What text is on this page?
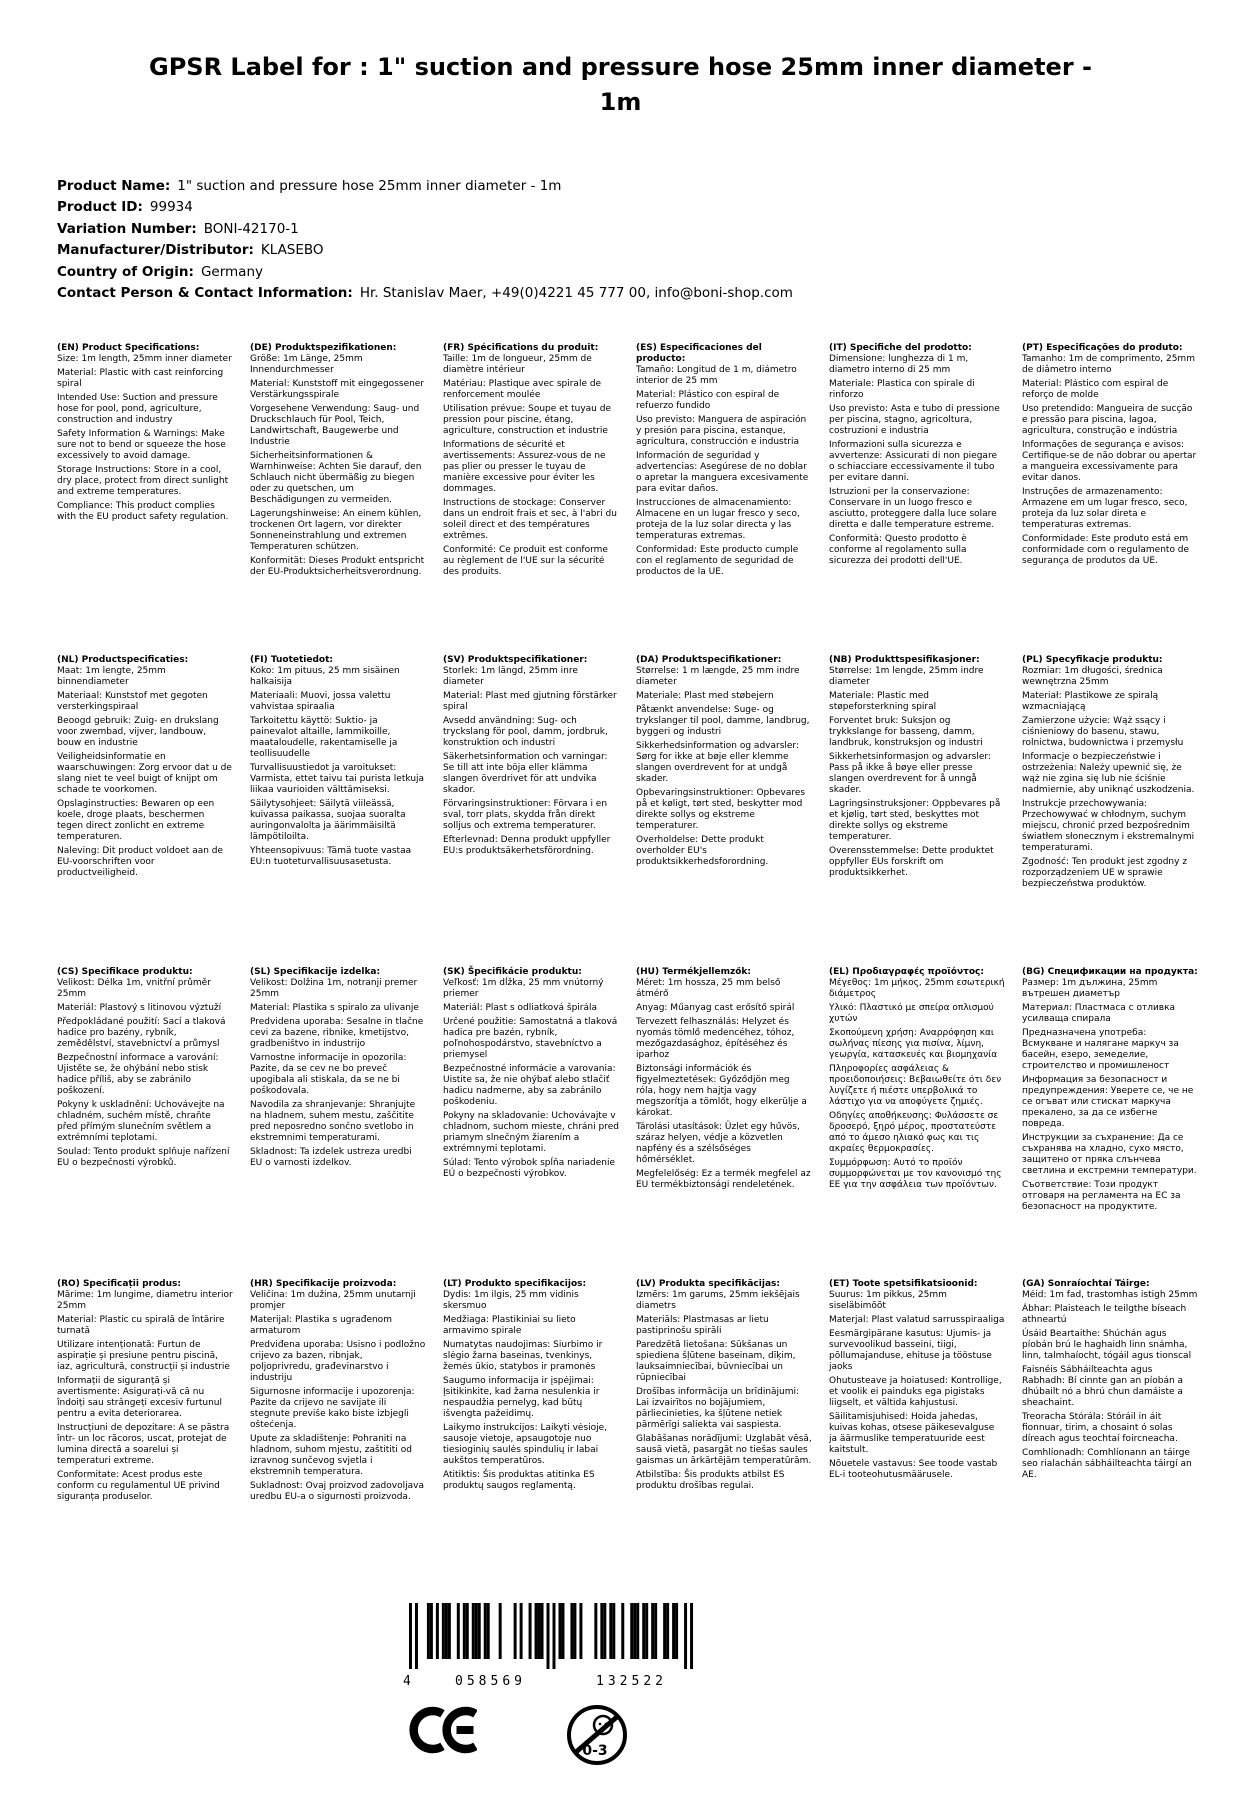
GPSR Label for : 1" suction and pressure hose 25mm inner diameter - 1m
Product Name: 1" suction and pressure hose 25mm inner diameter - 1m
Product ID: 99934
Variation Number: BONI-42170-1
Manufacturer/Distributor: KLASEBO
Country of Origin: Germany
Contact Person & Contact Information: Hr. Stanislav Maer, +49(0)4221 45 777 00, info@boni-shop.com
(EN) Product Specifications:
Size: 1m length, 25mm inner diameter
Material: Plastic with cast reinforcing spiral
Intended Use: Suction and pressure hose for pool, pond, agriculture, construction and industry
Safety Information & Warnings: Make sure not to bend or squeeze the hose excessively to avoid damage.
Storage Instructions: Store in a cool, dry place, protect from direct sunlight and extreme temperatures.
Compliance: This product complies with the EU product safety regulation.
(DE) Produktspezifikationen:
Größe: 1m Länge, 25mm Innendurchmesser
Material: Kunststoff mit eingegossener Verstärkungsspirale
Vorgesehene Verwendung: Saug- und Druckschlauch für Pool, Teich, Landwirtschaft, Baugewerbe und Industrie
Sicherheitsinformationen & Warnhinweise: Achten Sie darauf, den Schlauch nicht übermäßig zu biegen oder zu quetschen, um Beschädigungen zu vermeiden.
Lagerungshinweise: An einem kühlen, trockenen Ort lagern, vor direkter Sonneneinstrahlung und extremen Temperaturen schützen.
Konformität: Dieses Produkt entspricht der EU-Produktsicherheitsverordnung.
(FR) Spécifications du produit:
Taille: 1m de longueur, 25mm de diamètre intérieur
Matériau: Plastique avec spirale de renforcement moulée
Utilisation prévue: Soupe et tuyau de pression pour piscine, étang, agriculture, construction et industrie
Informations de sécurité et avertissements: Assurez-vous de ne pas plier ou presser le tuyau de manière excessive pour éviter les dommages.
Instructions de stockage: Conserver dans un endroit frais et sec, à l'abri du soleil direct et des températures extrêmes.
Conformité: Ce produit est conforme au règlement de l'UE sur la sécurité des produits.
(ES) Especificaciones del producto:
Tamaño: Longitud de 1 m, diámetro interior de 25 mm
Material: Plástico con espiral de refuerzo fundido
Uso previsto: Manguera de aspiración y presión para piscina, estanque, agricultura, construcción e industria
Información de seguridad y advertencias: Asegúrese de no doblar o apretar la manguera excesivamente para evitar daños.
Instrucciones de almacenamiento: Almacene en un lugar fresco y seco, proteja de la luz solar directa y las temperaturas extremas.
Conformidad: Este producto cumple con el reglamento de seguridad de productos de la UE.
(IT) Specifiche del prodotto:
Dimensione: lunghezza di 1 m, diametro interno di 25 mm
Materiale: Plastica con spirale di rinforzo
Uso previsto: Asta e tubo di pressione per piscina, stagno, agricoltura, costruzioni e industria
Informazioni sulla sicurezza e avvertenze: Assicurati di non piegare o schiacciare eccessivamente il tubo per evitare danni.
Istruzioni per la conservazione: Conservare in un luogo fresco e asciutto, proteggere dalla luce solare diretta e dalle temperature estreme.
Conformità: Questo prodotto è conforme al regolamento sulla sicurezza dei prodotti dell'UE.
(PT) Especificações do produto:
Tamanho: 1m de comprimento, 25mm de diâmetro interno
Material: Plástico com espiral de reforço de molde
Uso pretendido: Mangueira de sucção e pressão para piscina, lagoa, agricultura, construção e indústria
Informações de segurança e avisos: Certifique-se de não dobrar ou apertar a mangueira excessivamente para evitar danos.
Instruções de armazenamento: Armazene em um lugar fresco, seco, proteja da luz solar direta e temperaturas extremas.
Conformidade: Este produto está em conformidade com o regulamento de segurança de produtos da UE.
(NL) Productspecificaties:
Maat: 1m lengte, 25mm binnendiameter
Materiaal: Kunststof met gegoten versterkingspiraal
Beoogd gebruik: Zuig- en drukslang voor zwembad, vijver, landbouw, bouw en industrie
Veiligheidsinformatie en waarschuwingen: Zorg ervoor dat u de slang niet te veel buigt of knijpt om schade te voorkomen.
Opslaginstructies: Bewaren op een koele, droge plaats, beschermen tegen direct zonlicht en extreme temperaturen.
Naleving: Dit product voldoet aan de EU-voorschriften voor productveiligheid.
(FI) Tuotetiedot:
Koko: 1m pituus, 25 mm sisäinen halkaisija
Materiaali: Muovi, jossa valettu vahvistaa spiraalia
Tarkoitettu käyttö: Suktio- ja painevalot altaille, lammikoille, maataloudelle, rakentamiselle ja teollisuudelle
Turvallisuustiedot ja varoitukset: Varmista, ettet taivu tai purista letkuja liikaa vaurioiden välttämiseksi.
Säilytysohjeet: Säilytä viileässä, kuivassa paikassa, suojaa suoralta auringonvalolta ja äärimmäisiltä lämpötiloilta.
Yhteensopivuus: Tämä tuote vastaa EU:n tuoteturvallisuusasetusta.
(SV) Produktspecifikationer:
Storlek: 1m längd, 25mm inre diameter
Material: Plast med gjutning förstärker spiral
Avsedd användning: Sug- och tryckslang för pool, damm, jordbruk, konstruktion och industri
Säkerhetsinformation och varningar: Se till att inte böja eller klämma slangen överdrivet för att undvika skador.
Förvaringsinstruktioner: Förvara i en sval, torr plats, skydda från direkt solljus och extrema temperaturer.
Efterlevnad: Denna produkt uppfyller EU:s produktsäkerhetsförordning.
(DA) Produktspecifikationer:
Størrelse: 1 m længde, 25 mm indre diameter
Materiale: Plast med støbejern
Påtænkt anvendelse: Suge- og trykslanger til pool, damme, landbrug, byggeri og industri
Sikkerhedsinformation og advarsler: Sørg for ikke at bøje eller klemme slangen overdrevent for at undgå skader.
Opbevaringsinstruktioner: Opbevares på et køligt, tørt sted, beskytter mod direkte sollys og ekstreme temperaturer.
Overholdelse: Dette produkt overholder EU's produktsikkerhedsforordning.
(NB) Produkttspesifikasjoner:
Størrelse: 1m lengde, 25mm indre diameter
Materiale: Plastic med støpeforsterkning spiral
Forventet bruk: Suksjon og trykkslange for basseng, damm, landbruk, konstruksjon og industri
Sikkerhetsinformasjon og advarsler: Pass på ikke å bøye eller presse slangen overdrevent for å unngå skader.
Lagringsinstruksjoner: Oppbevares på et kjølig, tørt sted, beskyttes mot direkte sollys og ekstreme temperaturer.
Overensstemmelse: Dette produktet oppfyller EUs forskrift om produktsikkerhet.
(PL) Specyfikacje produktu:
Rozmiar: 1m długości, średnica wewnętrzna 25mm
Materiał: Plastikowe ze spiralą wzmacniającą
Zamierzone użycie: Wąż ssący i ciśnieniowy do basenu, stawu, rolnictwa, budownictwa i przemysłu
Informacje o bezpieczeństwie i ostrzeżenia: Należy upewnić się, że wąż nie zgina się lub nie ściśnie nadmiernie, aby uniknąć uszkodzenia.
Instrukcje przechowywania: Przechowywać w chłodnym, suchym miejscu, chronić przed bezpośrednim światłem słonecznym i ekstremalnymi temperaturami.
Zgodność: Ten produkt jest zgodny z rozporządzeniem UE w sprawie bezpieczeństwa produktów.
(CS) Specifikace produktu:
Velikost: Délka 1m, vnitřní průměr 25mm
Materiál: Plastový s litinovou výztuží
Předpokládané použití: Sací a tlaková hadice pro bazény, rybník, zemědělství, stavebnictví a průmysl
Bezpečnostní informace a varování: Ujistěte se, že ohýbání nebo stisk hadice příliš, aby se zabránilo poškození.
Pokyny k uskladnění: Uchovávejte na chladném, suchém místě, chraňte před přímým slunečním světlem a extrémními teplotami.
Soulad: Tento produkt splňuje nařízení EU o bezpečnosti výrobků.
(SL) Specifikacije izdelka:
Velikost: Dolžina 1m, notranji premer 25mm
Material: Plastika s spiralo za ulivanje
Predvidena uporaba: Sesalne in tlačne cevi za bazene, ribnike, kmetijstvo, gradbeništvo in industrijo
Varnostne informacije in opozorila: Pazite, da se cev ne bo preveč upogibala ali stiskala, da se ne bi poškodovala.
Navodila za shranjevanje: Shranjujte na hladnem, suhem mestu, zaščitite pred neposredno sončno svetlobo in ekstremnimi temperaturami.
Skladnost: Ta izdelek ustreza uredbi EU o varnosti izdelkov.
(SK) Špecifikácie produktu:
Veľkosť: 1m dĺžka, 25 mm vnútorný priemer
Materiál: Plast s odliatková špirála
Určené použitie: Samostatná a tlaková hadica pre bazén, rybník, poľnohospodárstvo, stavebníctvo a priemysel
Bezpečnostné informácie a varovania: Uistite sa, že nie ohýbať alebo stlačiť hadicu nadmerne, aby sa zabránilo poškodeniu.
Pokyny na skladovanie: Uchovávajte v chladnom, suchom mieste, chráni pred priamym slnečným žiarením a extrémnymi teplotami.
Súlad: Tento výrobok spĺňa nariadenie EÚ o bezpečnosti výrobkov.
(HU) Termékjellemzők:
Méret: 1m hossza, 25 mm belső átmérő
Anyag: Műanyag cast erősítő spirál
Tervezett felhasználás: Helyzet és nyomás tömlő medencéhez, tóhoz, mezőgazdasághoz, építéséhez és iparhoz
Biztonsági információk és figyelmeztetések: Győződjön meg róla, hogy nem hajtja vagy megszorítja a tömlőt, hogy elkerülje a károkat.
Tárolási utasítások: Üzlet egy hűvös, száraz helyen, védje a közvetlen napfény és a szélsőséges hőmérséklet.
Megfelelőség: Ez a termék megfelel az EU termékbiztonsági rendeletének.
(EL) Προδιαγραφές προϊόντος:
Μέγεθος: 1m μήκος, 25mm εσωτερική διάμετρος
Υλικό: Πλαστικό με σπείρα οπλισμού χυτών
Σκοπούμενη χρήση: Αναρρόφηση και σωλήνας πίεσης για πισίνα, λίμνη, γεωργία, κατασκευές και βιομηχανία
Πληροφορίες ασφάλειας & προειδοποιήσεις: Βεβαιωθείτε ότι δεν λυγίζετε ή πιέστε υπερβολικά το λάστιχο για να αποφύγετε ζημιές.
Οδηγίες αποθήκευσης: Φυλάσσετε σε δροσερό, ξηρό μέρος, προστατεύστε από το άμεσο ηλιακό φως και τις ακραίες θερμοκρασίες.
Συμμόρφωση: Αυτό το προϊόν συμμορφώνεται με τον κανονισμό της ΕΕ για την ασφάλεια των προϊόντων.
(BG) Спецификации на продукта:
Размер: 1m дължина, 25mm вътрешен диаметър
Материал: Пластмаса с отливка усилваща спирала
Предназначена употреба: Всмукване и налягане маркуч за басейн, езеро, земеделие, строителство и промишленост
Информация за безопасност и предупреждения: Уверете се, че не се огъват или стискат маркуча прекалено, за да се избегне повреда.
Инструкции за съхранение: Да се съхранява на хладно, сухо място, защитено от пряка слънчева светлина и екстремни температури.
Съответствие: Този продукт отговаря на регламента на ЕС за безопасност на продуктите.
(RO) Specificații produs:
Mărime: 1m lungime, diametru interior 25mm
Material: Plastic cu spirală de întărire turnată
Utilizare intenționată: Furtun de aspirație și presiune pentru piscină, iaz, agricultură, construcții și industrie
Informații de siguranță și avertismente: Asigurați-vă că nu îndoiți sau strângeți excesiv furtunul pentru a evita deteriorarea.
Instrucțiuni de depozitare: A se păstra într- un loc răcoros, uscat, protejat de lumina directă a soarelui și temperaturi extreme.
Conformitate: Acest produs este conform cu regulamentul UE privind siguranța produselor.
(HR) Specifikacije proizvoda:
Veličina: 1m dužina, 25mm unutarnji promjer
Materijal: Plastika s ugrađenom armaturom
Predviđena uporaba: Usisno i podložno crijevo za bazen, ribnjak, poljoprivredu, građevinarstvo i industriju
Sigurnosne informacije i upozorenja: Pazite da crijevo ne savijate ili stegnute previše kako biste izbjegli oštećenja.
Upute za skladištenje: Pohraniti na hladnom, suhom mjestu, zaštititi od izravnog sunčevog svjetla i ekstremnih temperatura.
Sukladnost: Ovaj proizvod zadovoljava uredbu EU-a o sigurnosti proizvoda.
(LT) Produkto specifikacijos:
Dydis: 1m ilgis, 25 mm vidinis skersmuo
Medžiaga: Plastikiniai su lieto armavimo spirale
Numatytas naudojimas: Siurbimo ir slėgio žarna baseinas, tvenkinys, žemės ūkio, statybos ir pramonės
Saugumo informacija ir įspėjimai: Įsitikinkite, kad žarna nesulenkia ir nespaudžia pernelyg, kad būtų išvengta pažeidimų.
Laikymo instrukcijos: Laikyti vėsioje, sausoje vietoje, apsaugotoje nuo tiesioginių saulės spindulių ir labai aukštos temperatūros.
Atitiktis: Šis produktas atitinka ES produktų saugos reglamentą.
(LV) Produkta specifikācijas:
Izmērs: 1m garums, 25mm iekšējais diametrs
Materiāls: Plastmasas ar lietu pastiprinošu spirāli
Paredzētā lietošana: Sūkšanas un spiediena šļūtene baseinam, dīķim, lauksaimniecībai, būvniecībai un rūpniecībai
Drošības informācija un brīdinājumi: Lai izvairītos no bojājumiem, pārliecinieties, ka šļūtene netiek pārmērīgi saliekta vai saspiesta.
Glabāšanas norādījumi: Uzglabāt vēsā, sausā vietā, pasargāt no tiešas saules gaismas un ārkārtējām temperatūrām.
Atbilstība: Šis produkts atbilst ES produktu drošības regulai.
(ET) Toote spetsifikatsioonid:
Suurus: 1m pikkus, 25mm siseläbimõõt
Materjal: Plast valatud sarrusspiraaliga
Eesmärgipärane kasutus: Ujumis- ja survevoolikud basseini, tiigi, põllumajanduse, ehituse ja tööstuse jaoks
Ohutusteave ja hoiatused: Kontrollige, et voolik ei painduks ega pigistaks liigselt, et vältida kahjustusi.
Säilitamisjuhised: Hoida jahedas, kuivas kohas, otsese päikesevalguse ja äärmuslike temperatuuride eest kaitstult.
Nõuetele vastavus: See toode vastab EL-i tooteohutusmäärusele.
(GA) Sonraíochtaí Táirge:
Méid: 1m fad, trastomhas istigh 25mm
Ábhar: Plaisteach le teilgthe bíseach athneartú
Úsáid Beartaithe: Shúchán agus píobán brú le haghaidh linn snámha, linn, talmhaíocht, tógáil agus tionscal
Faisnéis Sábháilteachta agus Rabhadh: Bí cinnte gan an píobán a dhúbailt nó a bhrú chun damáiste a sheachaint.
Treoracha Stórála: Stóráil in áit fionnuar, tirim, a chosaint ó solas díreach agus teochtaí foircneacha.
Comhlíonadh: Comhlíonann an táirge seo rialachán sábháilteachta táirgí an AE.
4	058569	132522
0-3
